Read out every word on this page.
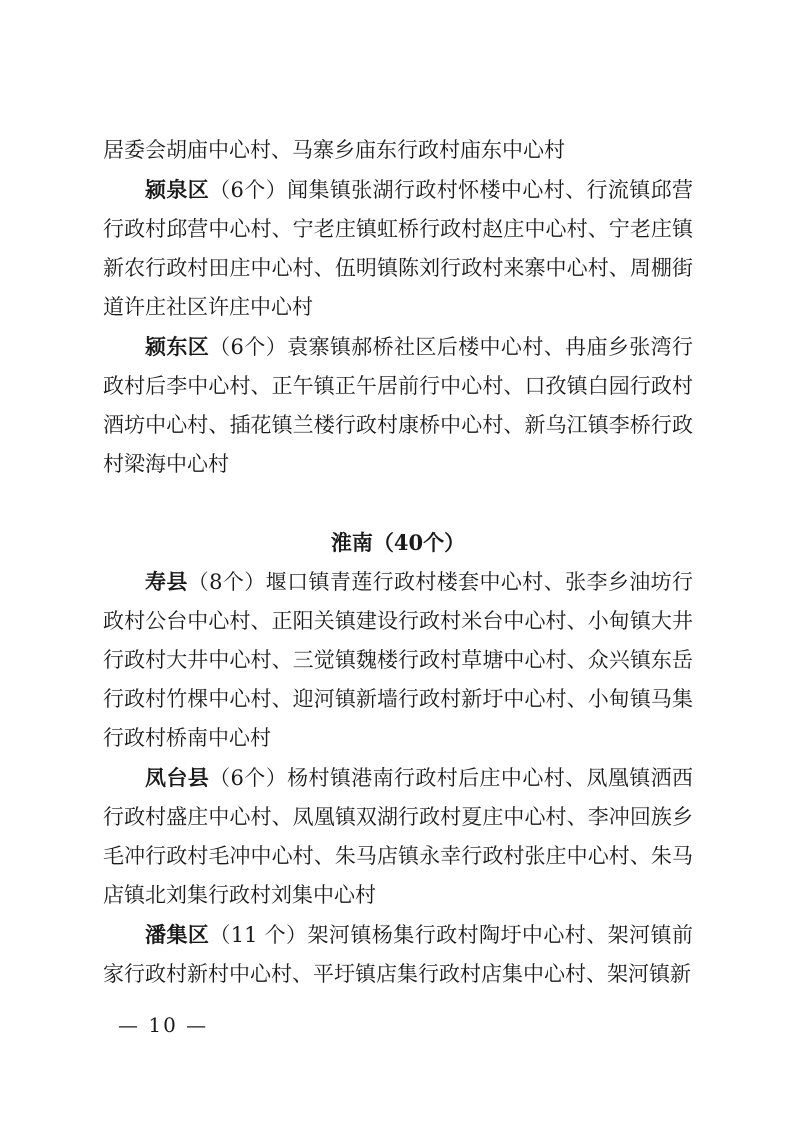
居委会胡庙中心村、马寨乡庙东行政村庙东中心村

颍泉区（6个）闻集镇张湖行政村怀楼中心村、行流镇邱营行政村邱营中心村、宁老庄镇虹桥行政村赵庄中心村、宁老庄镇新农行政村田庄中心村、伍明镇陈刘行政村来寨中心村、周棚街道许庄社区许庄中心村

颍东区（6个）袁寨镇郝桥社区后楼中心村、冉庙乡张湾行政村后李中心村、正午镇正午居前行中心村、口孜镇白园行政村酒坊中心村、插花镇兰楼行政村康桥中心村、新乌江镇李桥行政村梁海中心村

淮南（40个）

寿县（8个）堰口镇青莲行政村楼套中心村、张李乡油坊行政村公台中心村、正阳关镇建设行政村米台中心村、小甸镇大井行政村大井中心村、三觉镇魏楼行政村草塘中心村、众兴镇东岳行政村竹棵中心村、迎河镇新墙行政村新圩中心村、小甸镇马集行政村桥南中心村

凤台县（6个）杨村镇港南行政村后庄中心村、凤凰镇洒西行政村盛庄中心村、凤凰镇双湖行政村夏庄中心村、李冲回族乡毛冲行政村毛冲中心村、朱马店镇永幸行政村张庄中心村、朱马店镇北刘集行政村刘集中心村

潘集区（11 个）架河镇杨集行政村陶圩中心村、架河镇前家行政村新村中心村、平圩镇店集行政村店集中心村、架河镇新

— 10 —
